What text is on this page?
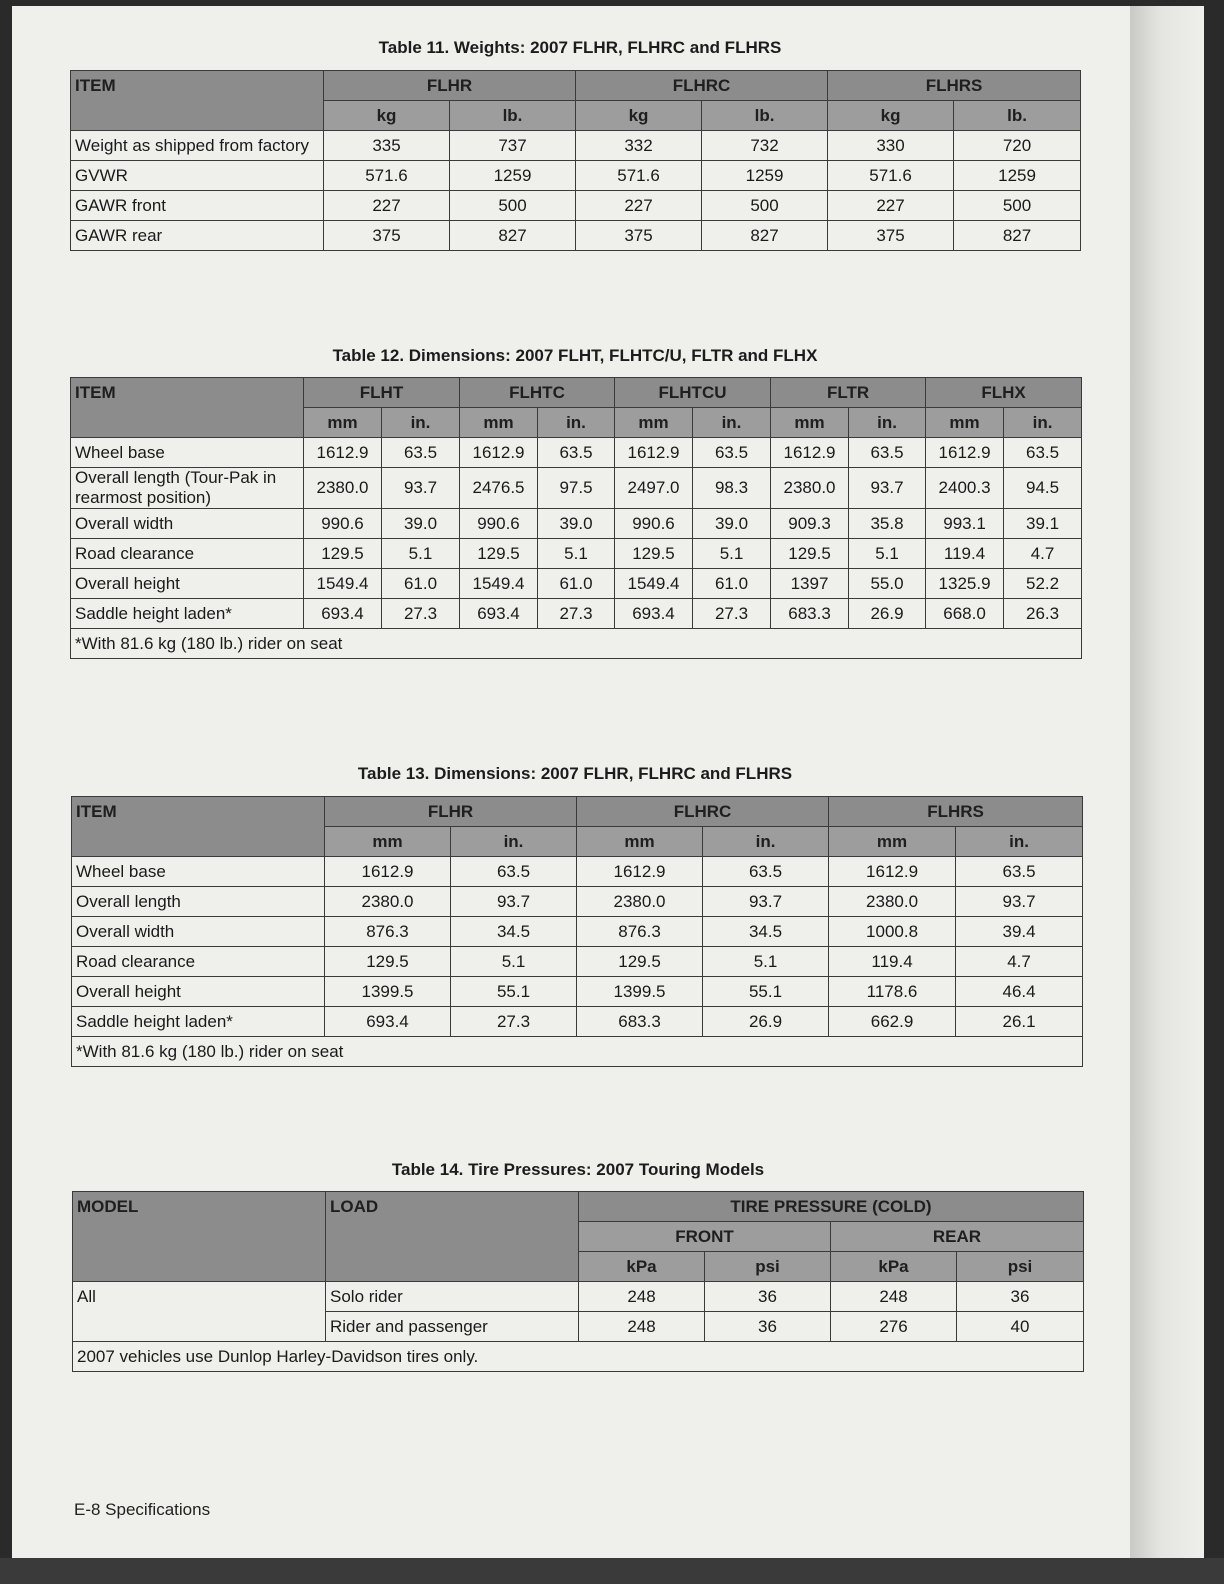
Table 11. Weights: 2007 FLHR, FLHRC and FLHRS
ITEM	FLHR		FLHRC		FLHRS	
	kg	lb.	kg	lb.	kg	lb.
Weight as shipped from factory	335	737	332	732	330	720
GVWR	571.6	1259	571.6	1259	571.6	1259
GAWR front	227	500	227	500	227	500
GAWR rear	375	827	375	827	375	827
Table 12. Dimensions: 2007 FLHT, FLHTC/U, FLTR and FLHX
ITEM	FLHT		FLHTC		FLHTCU		FLTR		FLHX	
	mm	in.	mm	in.	mm	in.	mm	in.	mm	in.
Wheel base	1612.9	63.5	1612.9	63.5	1612.9	63.5	1612.9	63.5	1612.9	63.5
Overall length (Tour-Pak in rearmost position)	2380.0	93.7	2476.5	97.5	2497.0	98.3	2380.0	93.7	2400.3	94.5
Overall width	990.6	39.0	990.6	39.0	990.6	39.0	909.3	35.8	993.1	39.1
Road clearance	129.5	5.1	129.5	5.1	129.5	5.1	129.5	5.1	119.4	4.7
Overall height	1549.4	61.0	1549.4	61.0	1549.4	61.0	1397	55.0	1325.9	52.2
Saddle height laden*	693.4	27.3	693.4	27.3	693.4	27.3	683.3	26.9	668.0	26.3
*With 81.6 kg (180 lb.) rider on seat										
Table 13. Dimensions: 2007 FLHR, FLHRC and FLHRS
ITEM	FLHR		FLHRC		FLHRS	
	mm	in.	mm	in.	mm	in.
Wheel base	1612.9	63.5	1612.9	63.5	1612.9	63.5
Overall length	2380.0	93.7	2380.0	93.7	2380.0	93.7
Overall width	876.3	34.5	876.3	34.5	1000.8	39.4
Road clearance	129.5	5.1	129.5	5.1	119.4	4.7
Overall height	1399.5	55.1	1399.5	55.1	1178.6	46.4
Saddle height laden*	693.4	27.3	683.3	26.9	662.9	26.1
*With 81.6 kg (180 lb.) rider on seat						
Table 14. Tire Pressures: 2007 Touring Models
MODEL	LOAD	TIRE PRESSURE (COLD)			
		FRONT		REAR	
		kPa	psi	kPa	psi
All	Solo rider	248	36	248	36
	Rider and passenger	248	36	276	40
2007 vehicles use Dunlop Harley-Davidson tires only.					
E-8 Specifications
